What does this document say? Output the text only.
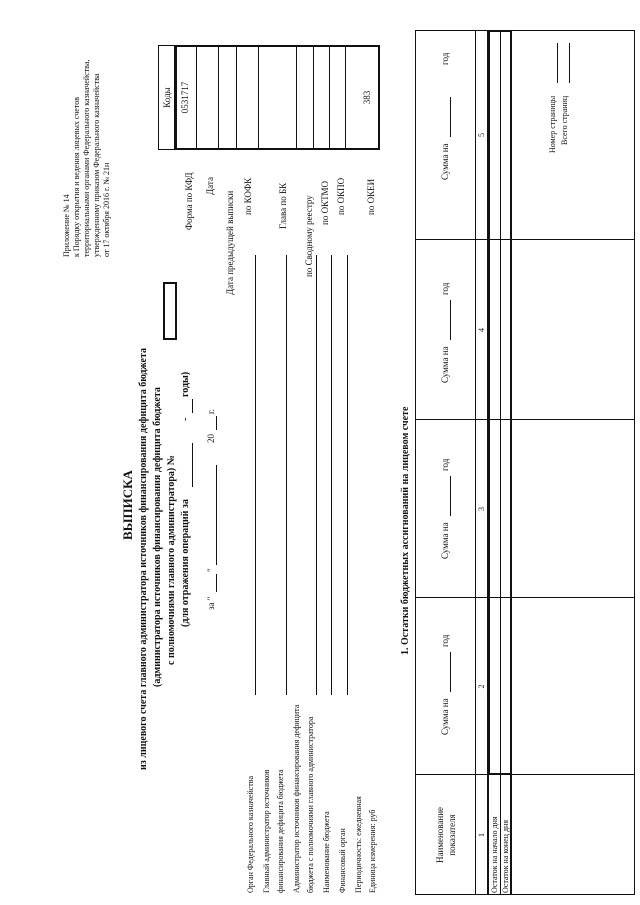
Приложение № 14 к Порядку открытия и ведения лицевых счетов территориальными органами Федерального казначейства, утвержденному приказом Федерального казначейства от 17 октября 2016 г. № 21н
ВЫПИСКА из лицевого счета главного администратора источников финансирования дефицита бюджета (администратора источников финансирования дефицита бюджета с полномочиями главного администратора) № (для отражения операций за
годы)
-
за "
"
20
г.
Орган Федерального казначейства Главный администратор источников финансирования дефицита бюджета Администратор источников финансирования дефицита бюджета с полномочиями главного администратора Наименование бюджета Финансовый орган Периодичность: ежедневная Единица измерения: руб
Форма по КФД Дата
Дата предыдущей выписки по КОФК	Глава по БК по Сводному реестру по ОКТМО по ОКПО по ОКЕИ
Коды 0531717	383
1. Остатки бюджетных ассигнований на лицевом счете
Наименование показателя
Сумма на
год
Сумма на
год
Сумма на
год
Сумма на
год
1
2
3
4
5
Остаток на начало дня Остаток на конец дня
Номер страницы Всего страниц
